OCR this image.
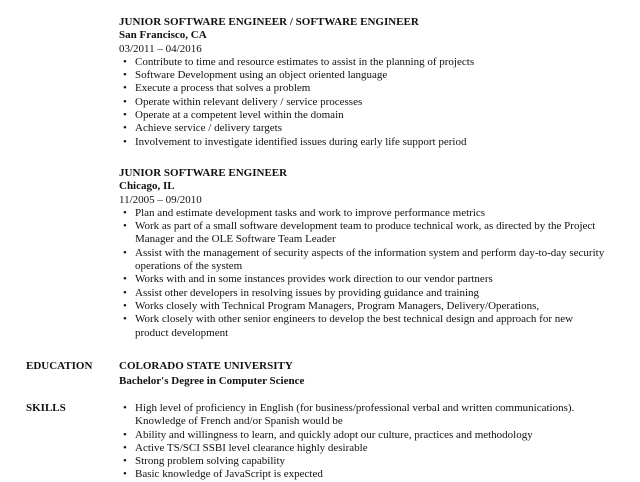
JUNIOR SOFTWARE ENGINEER / SOFTWARE ENGINEER
San Francisco, CA
03/2011 – 04/2016
• Contribute to time and resource estimates to assist in the planning of projects
• Software Development using an object oriented language
• Execute a process that solves a problem
• Operate within relevant delivery / service processes
• Operate at a competent level within the domain
• Achieve service / delivery targets
• Involvement to investigate identified issues during early life support period
JUNIOR SOFTWARE ENGINEER
Chicago, IL
11/2005 – 09/2010
• Plan and estimate development tasks and work to improve performance metrics
• Work as part of a small software development team to produce technical work, as directed by the Project Manager and the OLE Software Team Leader
• Assist with the management of security aspects of the information system and perform day-to-day security operations of the system
• Works with and in some instances provides work direction to our vendor partners
• Assist other developers in resolving issues by providing guidance and training
• Works closely with Technical Program Managers, Program Managers, Delivery/Operations,
• Work closely with other senior engineers to develop the best technical design and approach for new product development
EDUCATION COLORADO STATE UNIVERSITY
Bachelor's Degree in Computer Science
SKILLS	• High level of proficiency in English (for business/professional verbal and written communications). Knowledge of French and/or Spanish would be
• Ability and willingness to learn, and quickly adopt our culture, practices and methodology
• Active TS/SCI SSBI level clearance highly desirable
• Strong problem solving capability
• Basic knowledge of JavaScript is expected
